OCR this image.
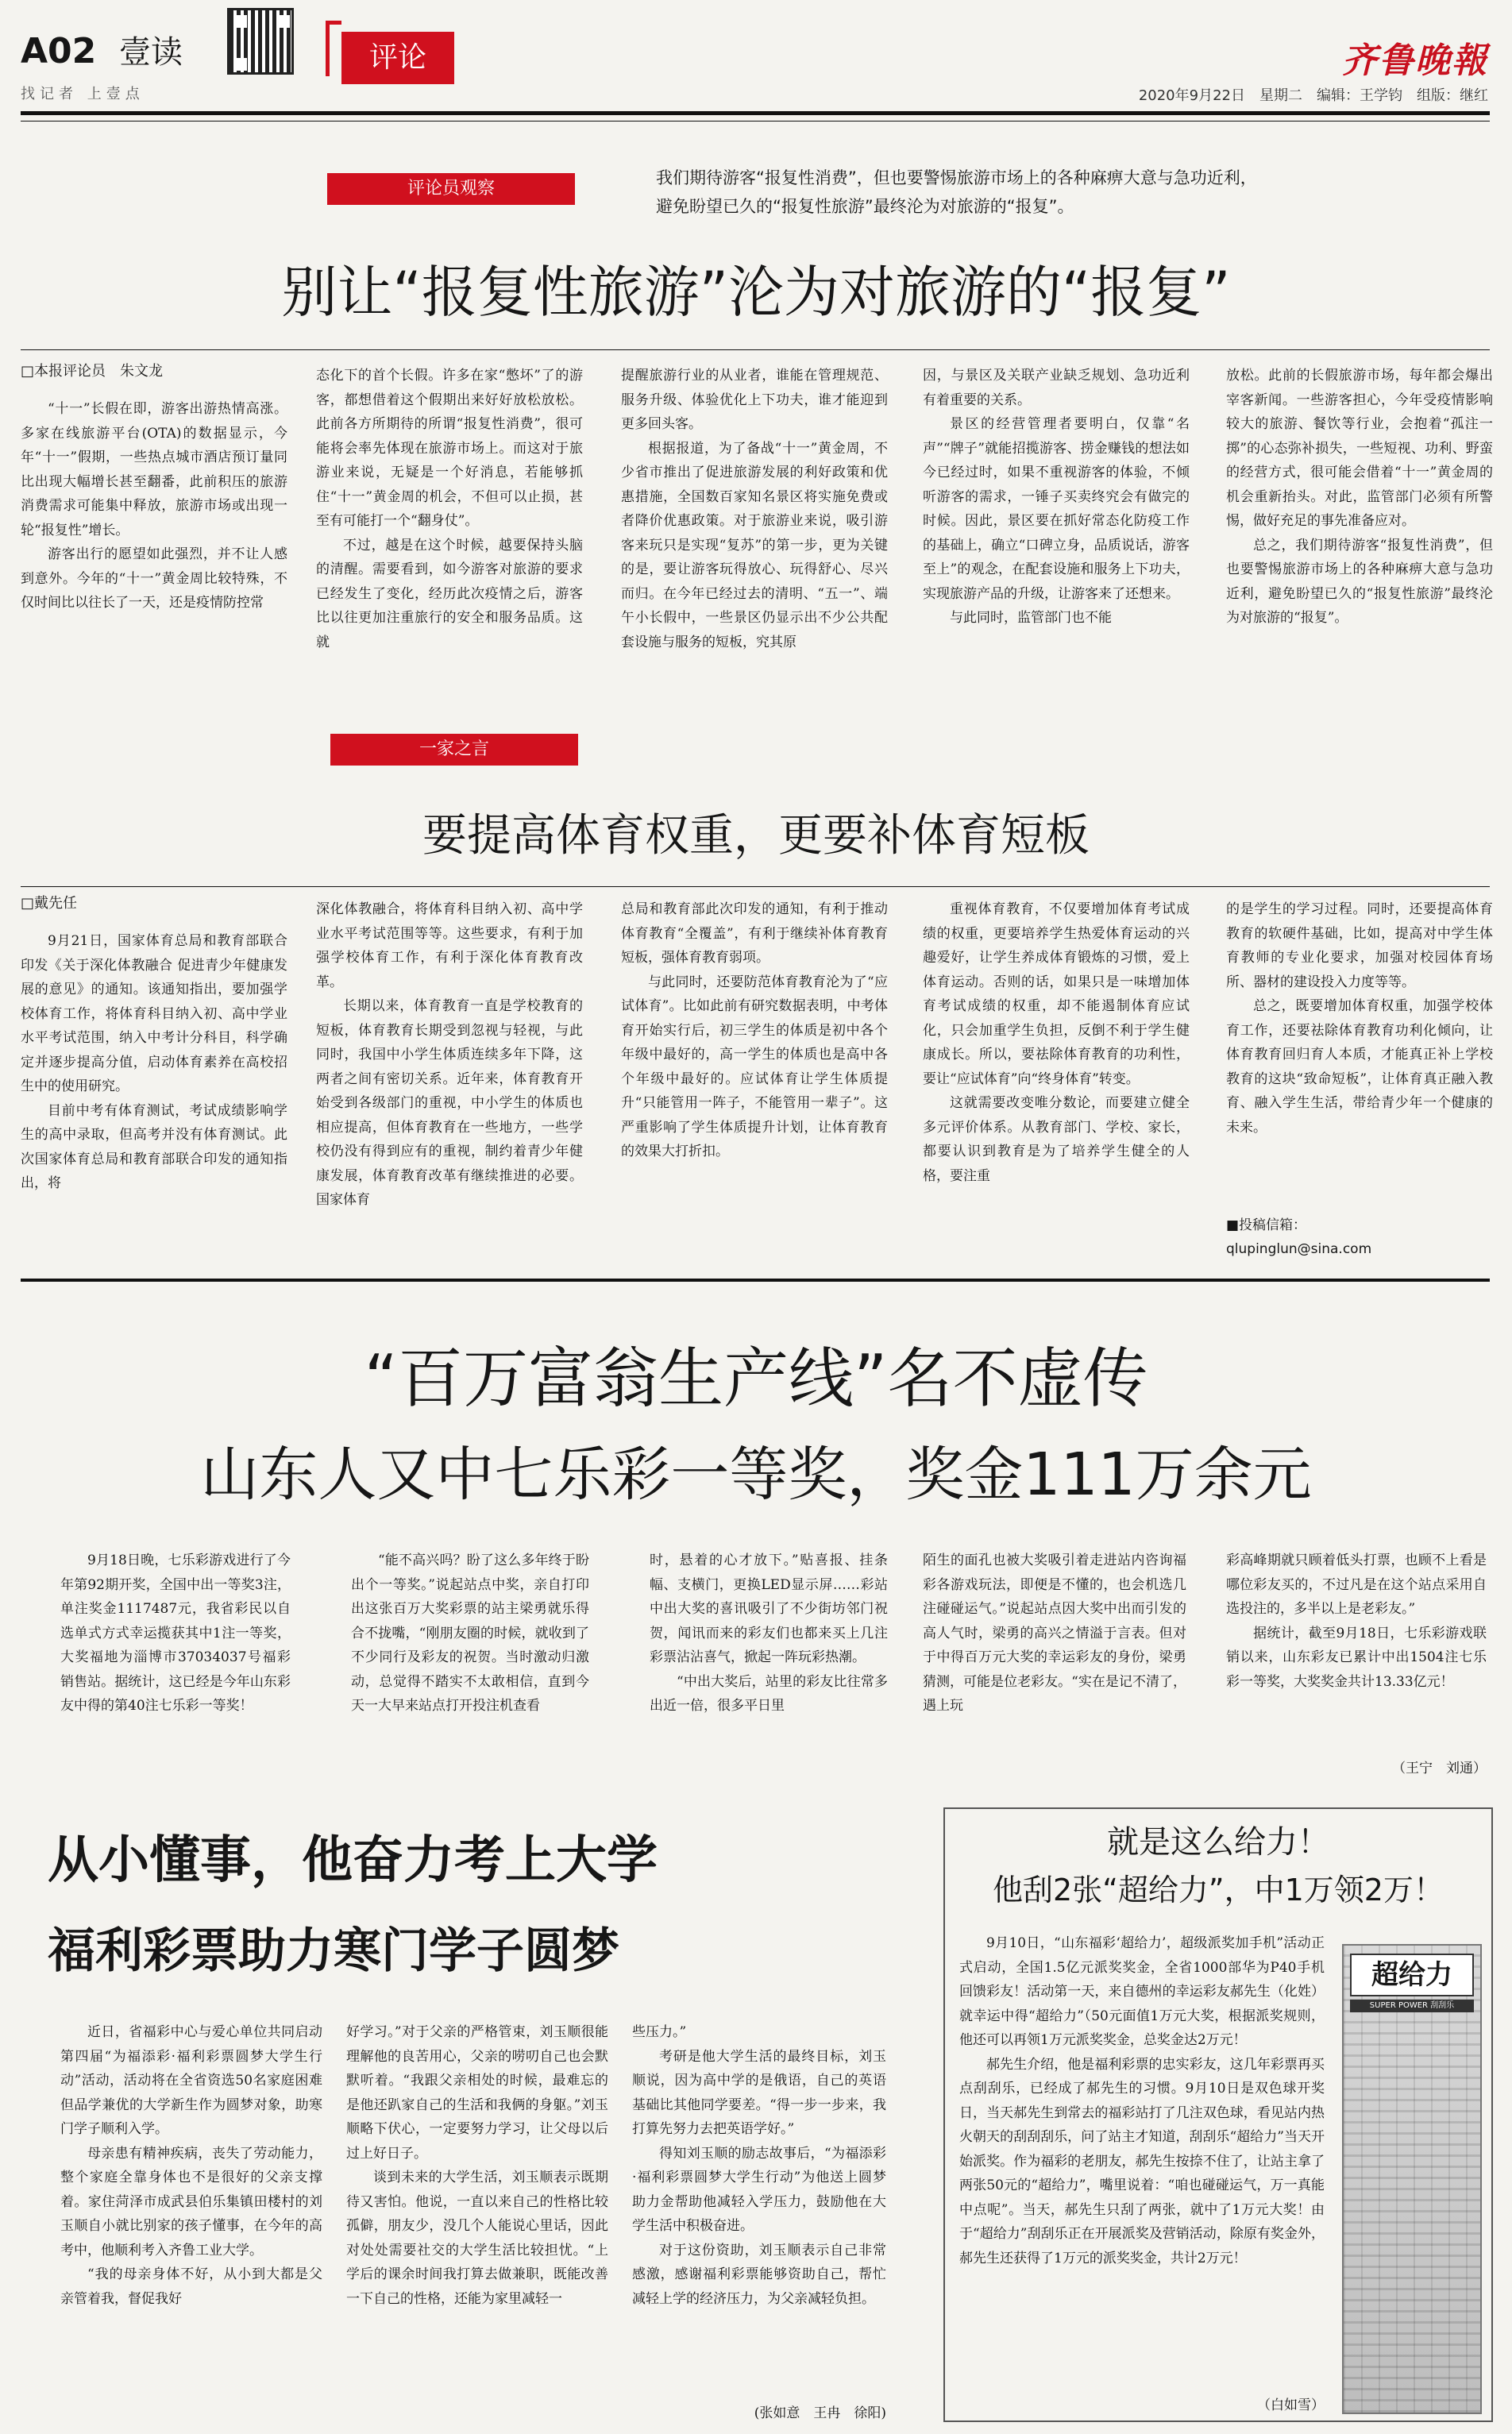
A02 壹读
找记者 上壹点
评论	齐鲁晚報
2020年9月22日　星期二　编辑：王学钧　组版：继红
评论员观察
我们期待游客“报复性消费”，但也要警惕旅游市场上的各种麻痹大意与急功近利，避免盼望已久的“报复性旅游”最终沦为对旅游的“报复”。
别让“报复性旅游”沦为对旅游的“报复”
□本报评论员　朱文龙

“十一”长假在即，游客出游热情高涨。多家在线旅游平台(OTA)的数据显示，今年“十一”假期，一些热点城市酒店预订量同比出现大幅增长甚至翻番，此前积压的旅游消费需求可能集中释放，旅游市场或出现一轮“报复性”增长。

游客出行的愿望如此强烈，并不让人感到意外。今年的“十一”黄金周比较特殊，不仅时间比以往长了一天，还是疫情防控常

态化下的首个长假。许多在家“憋坏”了的游客，都想借着这个假期出来好好放松放松。此前各方所期待的所谓“报复性消费”，很可能将会率先体现在旅游市场上。而这对于旅游业来说，无疑是一个好消息，若能够抓住“十一”黄金周的机会，不但可以止损，甚至有可能打一个“翻身仗”。

不过，越是在这个时候，越要保持头脑的清醒。需要看到，如今游客对旅游的要求已经发生了变化，经历此次疫情之后，游客比以往更加注重旅行的安全和服务品质。这就

提醒旅游行业的从业者，谁能在管理规范、服务升级、体验优化上下功夫，谁才能迎到更多回头客。

根据报道，为了备战“十一”黄金周，不少省市推出了促进旅游发展的利好政策和优惠措施，全国数百家知名景区将实施免费或者降价优惠政策。对于旅游业来说，吸引游客来玩只是实现“复苏”的第一步，更为关键的是，要让游客玩得放心、玩得舒心、尽兴而归。在今年已经过去的清明、“五一”、端午小长假中，一些景区仍显示出不少公共配套设施与服务的短板，究其原

因，与景区及关联产业缺乏规划、急功近利有着重要的关系。

景区的经营管理者要明白，仅靠“名声”“牌子”就能招揽游客、捞金赚钱的想法如今已经过时，如果不重视游客的体验，不倾听游客的需求，一锤子买卖终究会有做完的时候。因此，景区要在抓好常态化防疫工作的基础上，确立“口碑立身，品质说话，游客至上”的观念，在配套设施和服务上下功夫，实现旅游产品的升级，让游客来了还想来。

与此同时，监管部门也不能

放松。此前的长假旅游市场，每年都会爆出宰客新闻。一些游客担心，今年受疫情影响较大的旅游、餐饮等行业，会抱着“孤注一掷”的心态弥补损失，一些短视、功利、野蛮的经营方式，很可能会借着“十一”黄金周的机会重新抬头。对此，监管部门必须有所警惕，做好充足的事先准备应对。

总之，我们期待游客“报复性消费”，但也要警惕旅游市场上的各种麻痹大意与急功近利，避免盼望已久的“报复性旅游”最终沦为对旅游的“报复”。

一家之言
要提高体育权重，更要补体育短板
□戴先任

9月21日，国家体育总局和教育部联合印发《关于深化体教融合 促进青少年健康发展的意见》的通知。该通知指出，要加强学校体育工作，将体育科目纳入初、高中学业水平考试范围，纳入中考计分科目，科学确定并逐步提高分值，启动体育素养在高校招生中的使用研究。

目前中考有体育测试，考试成绩影响学生的高中录取，但高考并没有体育测试。此次国家体育总局和教育部联合印发的通知指出，将

深化体教融合，将体育科目纳入初、高中学业水平考试范围等等。这些要求，有利于加强学校体育工作，有利于深化体育教育改革。

长期以来，体育教育一直是学校教育的短板，体育教育长期受到忽视与轻视，与此同时，我国中小学生体质连续多年下降，这两者之间有密切关系。近年来，体育教育开始受到各级部门的重视，中小学生的体质也相应提高，但体育教育在一些地方，一些学校仍没有得到应有的重视，制约着青少年健康发展，体育教育改革有继续推进的必要。国家体育

总局和教育部此次印发的通知，有利于推动体育教育“全覆盖”，有利于继续补体育教育短板，强体育教育弱项。

与此同时，还要防范体育教育沦为了“应试体育”。比如此前有研究数据表明，中考体育开始实行后，初三学生的体质是初中各个年级中最好的，高一学生的体质也是高中各个年级中最好的。应试体育让学生体质提升“只能管用一阵子，不能管用一辈子”。这严重影响了学生体质提升计划，让体育教育的效果大打折扣。

重视体育教育，不仅要增加体育考试成绩的权重，更要培养学生热爱体育运动的兴趣爱好，让学生养成体育锻炼的习惯，爱上体育运动。否则的话，如果只是一味增加体育考试成绩的权重，却不能遏制体育应试化，只会加重学生负担，反倒不利于学生健康成长。所以，要祛除体育教育的功利性，要让“应试体育”向“终身体育”转变。

这就需要改变唯分数论，而要建立健全多元评价体系。从教育部门、学校、家长，都要认识到教育是为了培养学生健全的人格，要注重

的是学生的学习过程。同时，还要提高体育教育的软硬件基础，比如，提高对中学生体育教师的专业化要求，加强对校园体育场所、器材的建设投入力度等等。

总之，既要增加体育权重，加强学校体育工作，还要祛除体育教育功利化倾向，让体育教育回归育人本质，才能真正补上学校教育的这块“致命短板”，让体育真正融入教育、融入学生生活，带给青少年一个健康的未来。

■投稿信箱：
qlupinglun@sina.com
“百万富翁生产线”名不虚传
山东人又中七乐彩一等奖，奖金111万余元

9月18日晚，七乐彩游戏进行了今年第92期开奖，全国中出一等奖3注，单注奖金1117487元，我省彩民以自选单式方式幸运揽获其中1注一等奖，大奖福地为淄博市37034037号福彩销售站。据统计，这已经是今年山东彩友中得的第40注七乐彩一等奖！

“能不高兴吗？盼了这么多年终于盼出个一等奖。”说起站点中奖，亲自打印出这张百万大奖彩票的站主梁勇就乐得合不拢嘴，“刚朋友圈的时候，就收到了不少同行及彩友的祝贺。当时激动归激动，总觉得不踏实不太敢相信，直到今天一大早来站点打开投注机查看

时，悬着的心才放下。”贴喜报、挂条幅、支横门，更换LED显示屏……彩站中出大奖的喜讯吸引了不少街坊邻门祝贺，闻讯而来的彩友们也都来买上几注彩票沾沾喜气，掀起一阵玩彩热潮。

“中出大奖后，站里的彩友比往常多出近一倍，很多平日里

陌生的面孔也被大奖吸引着走进站内咨询福彩各游戏玩法，即便是不懂的，也会机选几注碰碰运气。”说起站点因大奖中出而引发的高人气时，梁勇的高兴之情溢于言表。但对于中得百万元大奖的幸运彩友的身份，梁勇猜测，可能是位老彩友。“实在是记不清了，遇上玩

彩高峰期就只顾着低头打票，也顾不上看是哪位彩友买的，不过凡是在这个站点采用自选投注的，多半以上是老彩友。”

据统计，截至9月18日，七乐彩游戏联销以来，山东彩友已累计中出1504注七乐彩一等奖，大奖奖金共计13.33亿元！

（王宁　刘通）
从小懂事，他奋力考上大学
福利彩票助力寒门学子圆梦

近日，省福彩中心与爱心单位共同启动第四届“为福添彩·福利彩票圆梦大学生行动”活动，活动将在全省资选50名家庭困难但品学兼优的大学新生作为圆梦对象，助寒门学子顺利入学。

母亲患有精神疾病，丧失了劳动能力，整个家庭全靠身体也不是很好的父亲支撑着。家住菏泽市成武县伯乐集镇田楼村的刘玉顺自小就比别家的孩子懂事，在今年的高考中，他顺利考入齐鲁工业大学。

“我的母亲身体不好，从小到大都是父亲管着我，督促我好

好学习。”对于父亲的严格管束，刘玉顺很能理解他的良苦用心，父亲的唠叨自己也会默默听着。“我跟父亲相处的时候，最难忘的是他还趴家自己的生活和我俩的身躯。”刘玉顺略下伏心，一定要努力学习，让父母以后过上好日子。

谈到未来的大学生活，刘玉顺表示既期待又害怕。他说，一直以来自己的性格比较孤僻，朋友少，没几个人能说心里话，因此对处处需要社交的大学生活比较担忧。“上学后的课余时间我打算去做兼职，既能改善一下自己的性格，还能为家里减轻一

些压力。”

考研是他大学生活的最终目标，刘玉顺说，因为高中学的是俄语，自己的英语基础比其他同学要差。“得一步一步来，我打算先努力去把英语学好。”

得知刘玉顺的励志故事后，“为福添彩·福利彩票圆梦大学生行动”为他送上圆梦助力金帮助他减轻入学压力，鼓励他在大学生活中积极奋进。

对于这份资助，刘玉顺表示自己非常感激，感谢福利彩票能够资助自己，帮忙减轻上学的经济压力，为父亲减轻负担。

(张如意　王冉　徐阳)
就是这么给力！
他刮2张“超给力”，中1万领2万！

9月10日，“山东福彩‘超给力’，超级派奖加手机”活动正式启动，全国1.5亿元派奖奖金，全省1000部华为P40手机回馈彩友！活动第一天，来自德州的幸运彩友郝先生（化姓）就幸运中得“超给力”（50元面值1万元大奖，根据派奖规则，他还可以再领1万元派奖奖金，总奖金达2万元！

郝先生介绍，他是福利彩票的忠实彩友，这几年彩票再买点刮刮乐，已经成了郝先生的习惯。9月10日是双色球开奖日，当天郝先生到常去的福彩站打了几注双色球，看见站内热火朝天的刮刮刮乐，问了站主才知道，刮刮乐“超给力”当天开始派奖。作为福彩的老朋友，郝先生按捺不住了，让站主拿了两张50元的“超给力”，嘴里说着：“咱也碰碰运气，万一真能中点呢”。当天，郝先生只刮了两张，就中了1万元大奖！由于“超给力”刮刮乐正在开展派奖及营销活动，除原有奖金外，郝先生还获得了1万元的派奖奖金，共计2万元！

（白如雪）
超给力
SUPER POWER 刮刮乐
